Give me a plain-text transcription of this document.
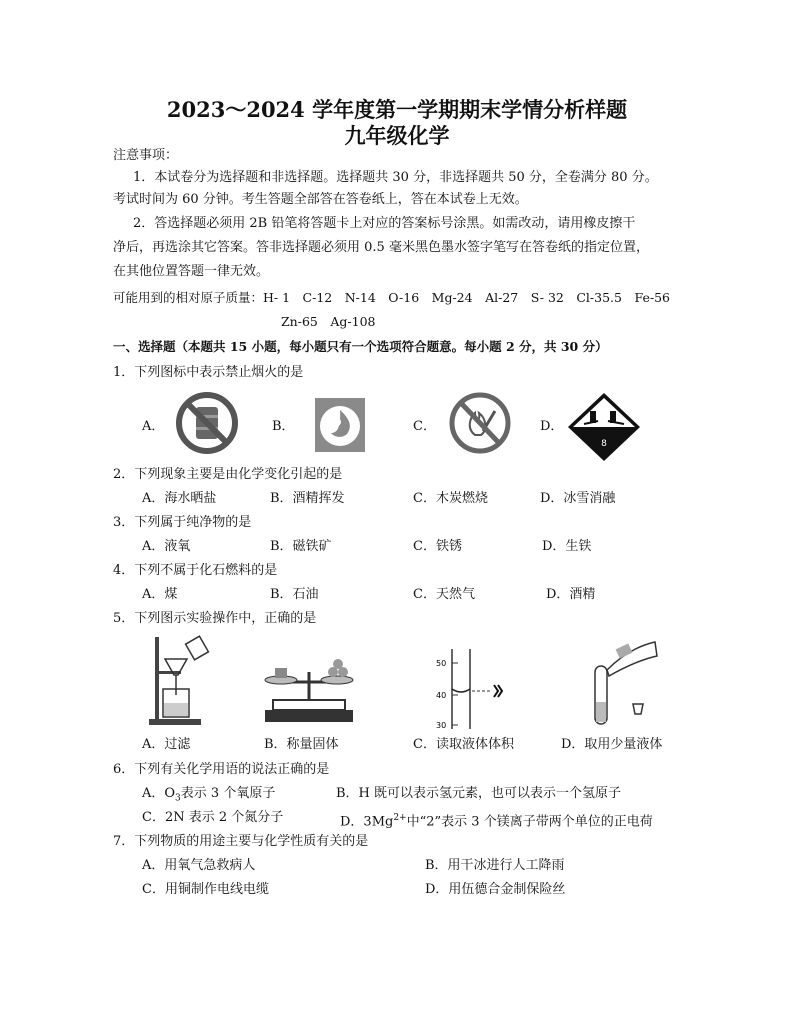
2023～2024 学年度第一学期期末学情分析样题
九年级化学
注意事项：
1．本试卷分为选择题和非选择题。选择题共 30 分，非选择题共 50 分，全卷满分 80 分。
考试时间为 60 分钟。考生答题全部答在答卷纸上，答在本试卷上无效。
2．答选择题必须用 2B 铅笔将答题卡上对应的答案标号涂黑。如需改动，请用橡皮擦干
净后，再选涂其它答案。答非选择题必须用 0.5 毫米黑色墨水签字笔写在答卷纸的指定位置，
在其他位置答题一律无效。
可能用到的相对原子质量：H- 1　C-12　N-14　O-16　Mg-24　Al-27　S- 32　Cl-35.5　Fe-56
Zn-65　Ag-108
一、选择题（本题共 15 小题，每小题只有一个选项符合题意。每小题 2 分，共 30 分）
1．下列图标中表示禁止烟火的是
A．	B．	C．	D．
8
2．下列现象主要是由化学变化引起的是
A．海水晒盐	B．酒精挥发	C．木炭燃烧	D．冰雪消融
3．下列属于纯净物的是
A．液氧	B．磁铁矿	C．铁锈	D．生铁
4．下列不属于化石燃料的是
A．煤	B．石油	C．天然气	D．酒精
5．下列图示实验操作中，正确的是
50
40
30
A．过滤	B．称量固体	C．读取液体体积	D．取用少量液体
6．下列有关化学用语的说法正确的是
A．$O_3$表示 3 个氧原子	B．H 既可以表示氢元素，也可以表示一个氢原子
C．2N 表示 2 个氮分子	D．$3Mg^{2+}$中“2”表示 3 个镁离子带两个单位的正电荷
7．下列物质的用途主要与化学性质有关的是
A．用氧气急救病人	B．用干冰进行人工降雨
C．用铜制作电线电缆	D．用伍德合金制保险丝
